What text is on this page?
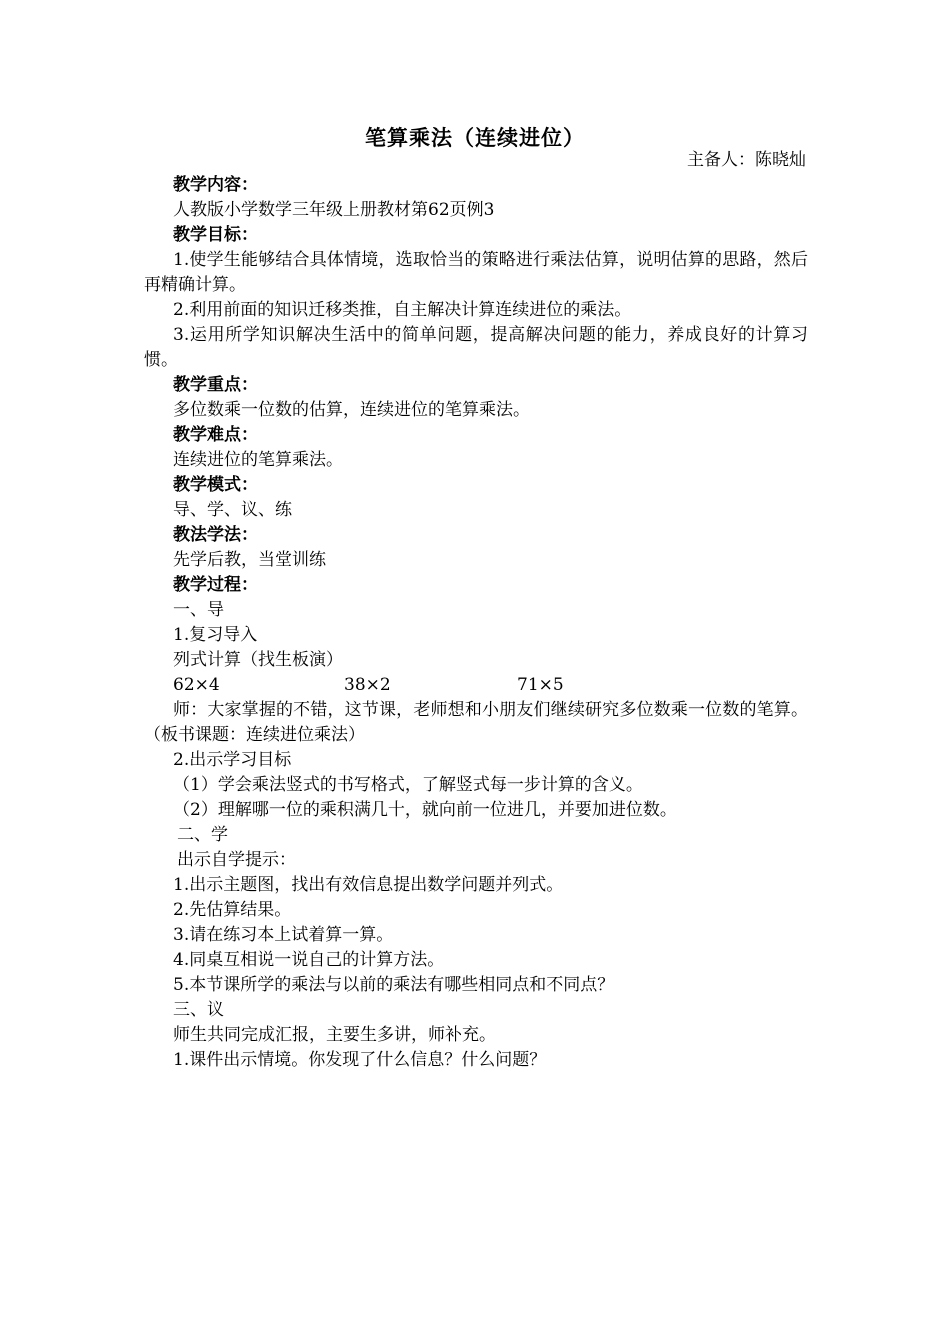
笔算乘法（连续进位）
主备人：陈晓灿
教学内容：
人教版小学数学三年级上册教材第62页例3
教学目标：
1.使学生能够结合具体情境，选取恰当的策略进行乘法估算，说明估算的思路，然后再精确计算。
2.利用前面的知识迁移类推，自主解决计算连续进位的乘法。
3.运用所学知识解决生活中的简单问题，提高解决问题的能力，养成良好的计算习惯。
教学重点：
多位数乘一位数的估算，连续进位的笔算乘法。
教学难点：
连续进位的笔算乘法。
教学模式：
导、学、议、练
教法学法：
先学后教，当堂训练
教学过程：
一、导
1.复习导入
列式计算（找生板演）
62×4	38×2	71×5
师：大家掌握的不错，这节课，老师想和小朋友们继续研究多位数乘一位数的笔算。（板书课题：连续进位乘法）
2.出示学习目标
（1）学会乘法竖式的书写格式，了解竖式每一步计算的含义。
（2）理解哪一位的乘积满几十，就向前一位进几，并要加进位数。
二、学
出示自学提示：
1.出示主题图，找出有效信息提出数学问题并列式。
2.先估算结果。
3.请在练习本上试着算一算。
4.同桌互相说一说自己的计算方法。
5.本节课所学的乘法与以前的乘法有哪些相同点和不同点？
三、议
师生共同完成汇报，主要生多讲，师补充。
1.课件出示情境。你发现了什么信息？什么问题？
